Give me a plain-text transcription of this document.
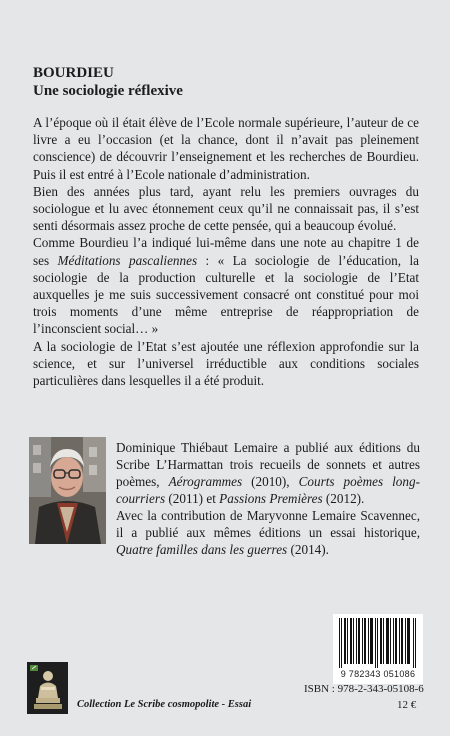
BOURDIEU

Une sociologie réflexive

A l’époque où il était élève de l’Ecole normale supérieure, l’auteur de ce livre a eu l’occasion (et la chance, dont il n’avait pas pleinement conscience) de découvrir l’enseignement et les recherches de Bourdieu. Puis il est entré à l’Ecole nationale d’administration.

Bien des années plus tard, ayant relu les premiers ouvrages du sociologue et lu avec étonnement ceux qu’il ne connaissait pas, il s’est senti désormais assez proche de cette pensée, qui a beaucoup évolué.

Comme Bourdieu l’a indiqué lui-même dans une note au chapitre 1 de ses Méditations pascaliennes : « La sociologie de l’éducation, la sociologie de la production culturelle et la sociologie de l’Etat auxquelles je me suis successivement consacré ont constitué pour moi trois moments d’une même entreprise de réappropriation de l’inconscient social… »

A la sociologie de l’Etat s’est ajoutée une réflexion approfondie sur la science, et sur l’universel irréductible aux conditions sociales particulières dans lesquelles il a été produit.

Dominique Thiébaut Lemaire a publié aux éditions du Scribe L’Harmattan trois recueils de sonnets et autres poèmes, Aérogrammes (2010), Courts poèmes long-courriers (2011) et Passions Premières (2012).

Avec la contribution de Maryvonne Lemaire Scavennec, il a publié aux mêmes éditions un essai historique, Quatre familles dans les guerres (2014).

9 782343 051086
ISBN : 978-2-343-05108-6
12 €
Collection Le Scribe cosmopolite - Essai
